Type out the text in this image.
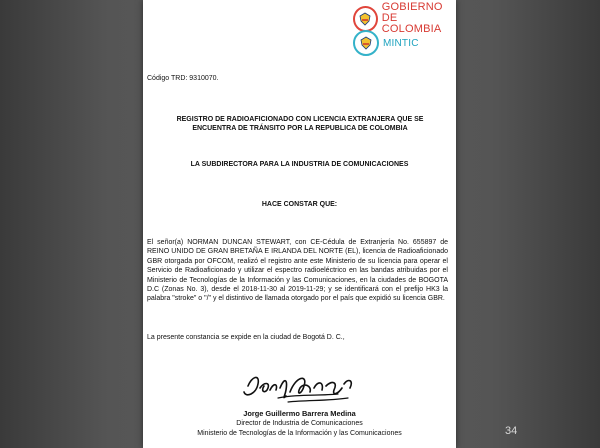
GOBIERNO
DE COLOMBIA
MINTIC
Código TRD: 9310070.
REGISTRO DE RADIOAFICIONADO CON LICENCIA EXTRANJERA QUE SE ENCUENTRA DE TRÁNSITO POR LA REPUBLICA DE COLOMBIA
LA SUBDIRECTORA PARA LA INDUSTRIA DE COMUNICACIONES
HACE CONSTAR QUE:
El señor(a) NORMAN DUNCAN STEWART, con CE-Cédula de Extranjería No. 655897 de REINO UNIDO DE GRAN BRETAÑA E IRLANDA DEL NORTE (EL), licencia de Radioaficionado GBR otorgada por OFCOM, realizó el registro ante este Ministerio de su licencia para operar el Servicio de Radioaficionado y utilizar el espectro radioeléctrico en las bandas atribuidas por el Ministerio de Tecnologías de la Información y las Comunicaciones, en la ciudades de BOGOTA D.C (Zonas No. 3), desde el 2018-11-30 al 2019-11-29; y se identificará con el prefijo HK3 la palabra "stroke" o "/" y el distintivo de llamada otorgado por el país que expidió su licencia GBR.
La presente constancia se expide en la ciudad de Bogotá D. C.,
Jorge Guillermo Barrera Medina
Director de Industria de Comunicaciones
Ministerio de Tecnologías de la Información y las Comunicaciones	34
